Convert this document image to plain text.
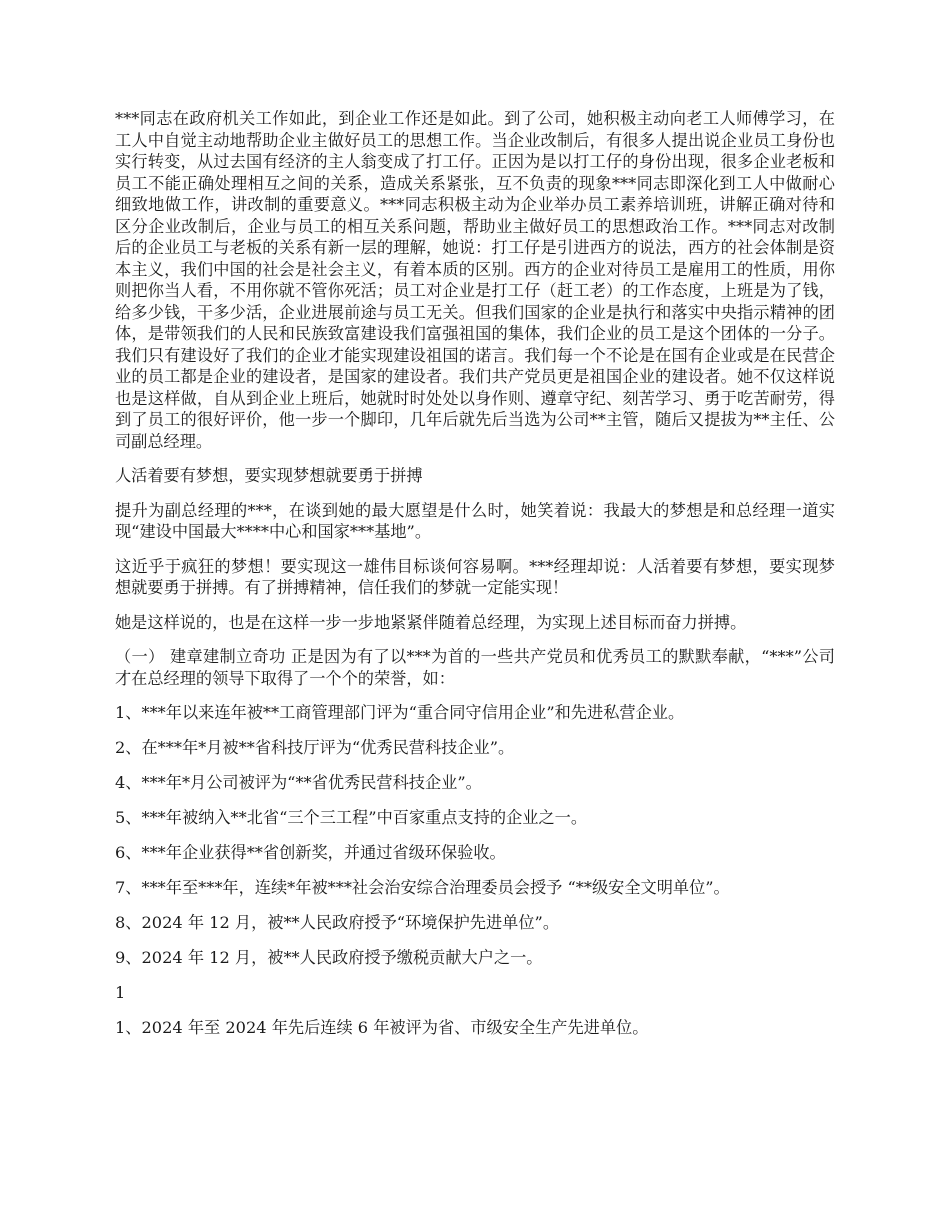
***同志在政府机关工作如此，到企业工作还是如此。到了公司，她积极主动向老工人师傅学习，在工人中自觉主动地帮助企业主做好员工的思想工作。当企业改制后，有很多人提出说企业员工身份也实行转变，从过去国有经济的主人翁变成了打工仔。正因为是以打工仔的身份出现，很多企业老板和员工不能正确处理相互之间的关系，造成关系紧张，互不负责的现象***同志即深化到工人中做耐心细致地做工作，讲改制的重要意义。***同志积极主动为企业举办员工素养培训班，讲解正确对待和区分企业改制后，企业与员工的相互关系问题，帮助业主做好员工的思想政治工作。***同志对改制后的企业员工与老板的关系有新一层的理解，她说：打工仔是引进西方的说法，西方的社会体制是资本主义，我们中国的社会是社会主义，有着本质的区别。西方的企业对待员工是雇用工的性质，用你则把你当人看，不用你就不管你死活；员工对企业是打工仔（赶工老）的工作态度，上班是为了钱，给多少钱，干多少活，企业进展前途与员工无关。但我们国家的企业是执行和落实中央指示精神的团体，是带领我们的人民和民族致富建设我们富强祖国的集体，我们企业的员工是这个团体的一分子。我们只有建设好了我们的企业才能实现建设祖国的诺言。我们每一个不论是在国有企业或是在民营企业的员工都是企业的建设者，是国家的建设者。我们共产党员更是祖国企业的建设者。她不仅这样说也是这样做，自从到企业上班后，她就时时处处以身作则、遵章守纪、刻苦学习、勇于吃苦耐劳，得到了员工的很好评价，他一步一个脚印，几年后就先后当选为公司**主管，随后又提拔为**主任、公司副总经理。

人活着要有梦想，要实现梦想就要勇于拼搏

提升为副总经理的***，在谈到她的最大愿望是什么时，她笑着说：我最大的梦想是和总经理一道实现“建设中国最大****中心和国家***基地”。

这近乎于疯狂的梦想！要实现这一雄伟目标谈何容易啊。***经理却说：人活着要有梦想，要实现梦想就要勇于拼搏。有了拼搏精神，信任我们的梦就一定能实现！

她是这样说的，也是在这样一步一步地紧紧伴随着总经理，为实现上述目标而奋力拼搏。

（一） 建章建制立奇功 正是因为有了以***为首的一些共产党员和优秀员工的默默奉献，“***”公司才在总经理的领导下取得了一个个的荣誉，如：

1、***年以来连年被**工商管理部门评为“重合同守信用企业”和先进私营企业。

2、在***年*月被**省科技厅评为“优秀民营科技企业”。

4、***年*月公司被评为“**省优秀民营科技企业”。

5、***年被纳入**北省“三个三工程”中百家重点支持的企业之一。

6、***年企业获得**省创新奖，并通过省级环保验收。

7、***年至***年，连续*年被***社会治安综合治理委员会授予 “**级安全文明单位”。

8、2024 年 12 月，被**人民政府授予“环境保护先进单位”。

9、2024 年 12 月，被**人民政府授予缴税贡献大户之一。

1

1、2024 年至 2024 年先后连续 6 年被评为省、市级安全生产先进单位。
